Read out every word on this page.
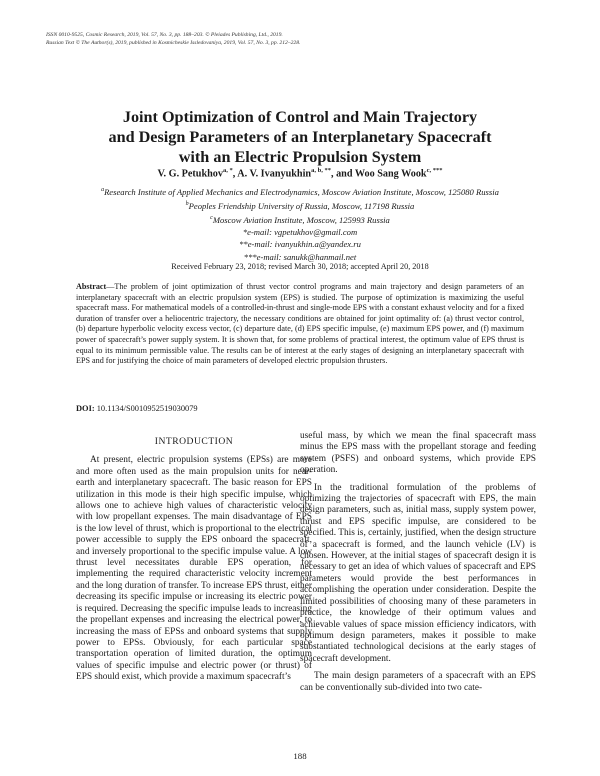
ISSN 0010-9525, Cosmic Research, 2019, Vol. 57, No. 3, pp. 188–203. © Pleiades Publishing, Ltd., 2019.
Russian Text © The Author(s), 2019, published in Kosmicheskie Issledovaniya, 2019, Vol. 57, No. 3, pp. 212–228.
Joint Optimization of Control and Main Trajectory
and Design Parameters of an Interplanetary Spacecraft
with an Electric Propulsion System
V. G. Petukhov$^{a, *}$, A. V. Ivanyukhin$^{a, b, **}$, and Woo Sang Wook$^{c, ***}$
$^a$Research Institute of Applied Mechanics and Electrodynamics, Moscow Aviation Institute, Moscow, 125080 Russia
$^b$Peoples Friendship University of Russia, Moscow, 117198 Russia
$^c$Moscow Aviation Institute, Moscow, 125993 Russia
*e-mail: vgpetukhov@gmail.com
**e-mail: ivanyukhin.a@yandex.ru
***e-mail: sanukk@hanmail.net
Received February 23, 2018; revised March 30, 2018; accepted April 20, 2018
Abstract—The problem of joint optimization of thrust vector control programs and main trajectory and design parameters of an interplanetary spacecraft with an electric propulsion system (EPS) is studied. The purpose of optimization is maximizing the useful spacecraft mass. For mathematical models of a controlled-in-thrust and single-mode EPS with a constant exhaust velocity and for a fixed duration of transfer over a heliocentric trajectory, the necessary conditions are obtained for joint optimality of: (a) thrust vector control, (b) departure hyperbolic velocity excess vector, (c) departure date, (d) EPS specific impulse, (e) maximum EPS power, and (f) maximum power of spacecraft’s power supply system. It is shown that, for some problems of practical interest, the optimum value of EPS thrust is equal to its minimum permissible value. The results can be of interest at the early stages of designing an interplanetary spacecraft with EPS and for justifying the choice of main parameters of developed electric propulsion thrusters.
DOI: 10.1134/S0010952519030079
INTRODUCTION

At present, electric propulsion systems (EPSs) are more and more often used as the main propulsion units for near-earth and interplanetary spacecraft. The basic reason for EPS utilization in this mode is their high specific impulse, which allows one to achieve high values of characteristic velocity with low propellant expenses. The main disadvantage of EPS is the low level of thrust, which is proportional to the electrical power accessible to supply the EPS onboard the spacecraft, and inversely proportional to the specific impulse value. A low thrust level necessitates durable EPS operation, for implementing the required characteristic velocity increment and the long duration of transfer. To increase EPS thrust, either decreasing its specific impulse or increasing its electric power is required. Decreasing the specific impulse leads to increasing the propellant expenses and increasing the electrical power, to increasing the mass of EPSs and onboard systems that supply power to EPSs. Obviously, for each particular space transportation operation of limited duration, the optimum values of specific impulse and electric power (or thrust) of EPS should exist, which provide a maximum spacecraft’s

useful mass, by which we mean the final spacecraft mass minus the EPS mass with the propellant storage and feeding system (PSFS) and onboard systems, which provide EPS operation.

In the traditional formulation of the problems of optimizing the trajectories of spacecraft with EPS, the main design parameters, such as, initial mass, supply system power, thrust and EPS specific impulse, are considered to be specified. This is, certainly, justified, when the design structure of a spacecraft is formed, and the launch vehicle (LV) is chosen. However, at the initial stages of spacecraft design it is necessary to get an idea of which values of spacecraft and EPS parameters would provide the best performances in accomplishing the operation under consideration. Despite the limited possibilities of choosing many of these parameters in practice, the knowledge of their optimum values and achievable values of space mission efficiency indicators, with optimum design parameters, makes it possible to make substantiated technological decisions at the early stages of spacecraft development.

The main design parameters of a spacecraft with an EPS can be conventionally sub-divided into two cate-

188
